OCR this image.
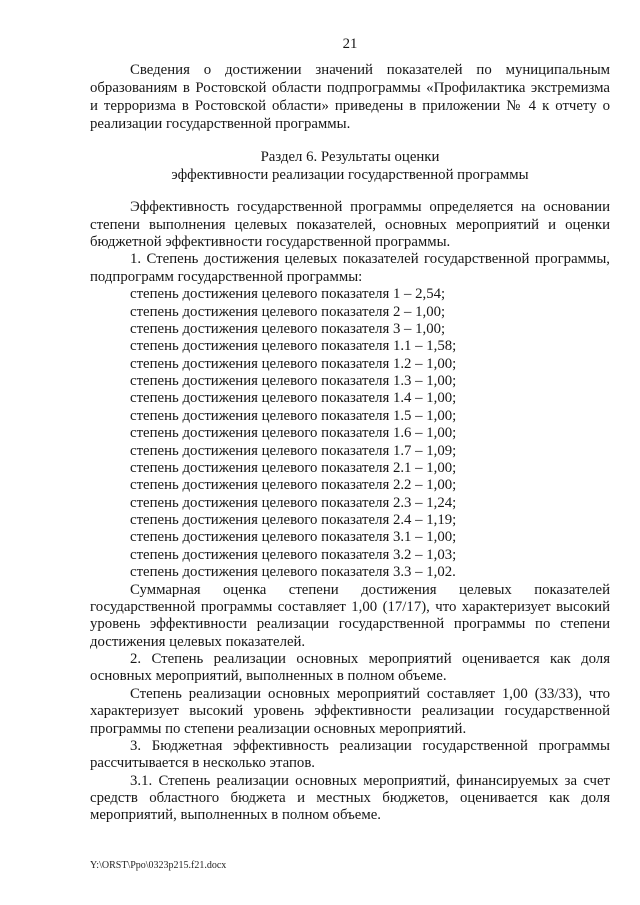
21
Сведения о достижении значений показателей по муниципальным
образованиям в Ростовской области подпрограммы «Профилактика экстремизма
и терроризма в Ростовской области» приведены в приложении № 4 к отчету о
реализации государственной программы.
Раздел 6. Результаты оценки
эффективности реализации государственной программы
Эффективность государственной программы определяется на основании
степени выполнения целевых показателей, основных мероприятий и оценки
бюджетной эффективности государственной программы.
1. Степень достижения целевых показателей государственной программы,
подпрограмм государственной программы:
степень достижения целевого показателя 1 – 2,54;
степень достижения целевого показателя 2 – 1,00;
степень достижения целевого показателя 3 – 1,00;
степень достижения целевого показателя 1.1 – 1,58;
степень достижения целевого показателя 1.2 – 1,00;
степень достижения целевого показателя 1.3 – 1,00;
степень достижения целевого показателя 1.4 – 1,00;
степень достижения целевого показателя 1.5 – 1,00;
степень достижения целевого показателя 1.6 – 1,00;
степень достижения целевого показателя 1.7 – 1,09;
степень достижения целевого показателя 2.1 – 1,00;
степень достижения целевого показателя 2.2 – 1,00;
степень достижения целевого показателя 2.3 – 1,24;
степень достижения целевого показателя 2.4 – 1,19;
степень достижения целевого показателя 3.1 – 1,00;
степень достижения целевого показателя 3.2 – 1,03;
степень достижения целевого показателя 3.3 – 1,02.
Суммарная оценка степени достижения целевых показателей
государственной программы составляет 1,00 (17/17), что характеризует высокий
уровень эффективности реализации государственной программы по степени
достижения целевых показателей.
2. Степень реализации основных мероприятий оценивается как доля
основных мероприятий, выполненных в полном объеме.
Степень реализации основных мероприятий составляет 1,00 (33/33), что
характеризует высокий уровень эффективности реализации государственной
программы по степени реализации основных мероприятий.
3. Бюджетная эффективность реализации государственной программы
рассчитывается в несколько этапов.
3.1. Степень реализации основных мероприятий, финансируемых за счет
средств областного бюджета и местных бюджетов, оценивается как доля
мероприятий, выполненных в полном объеме.
Y:\ORST\Ppo\0323p215.f21.docx
